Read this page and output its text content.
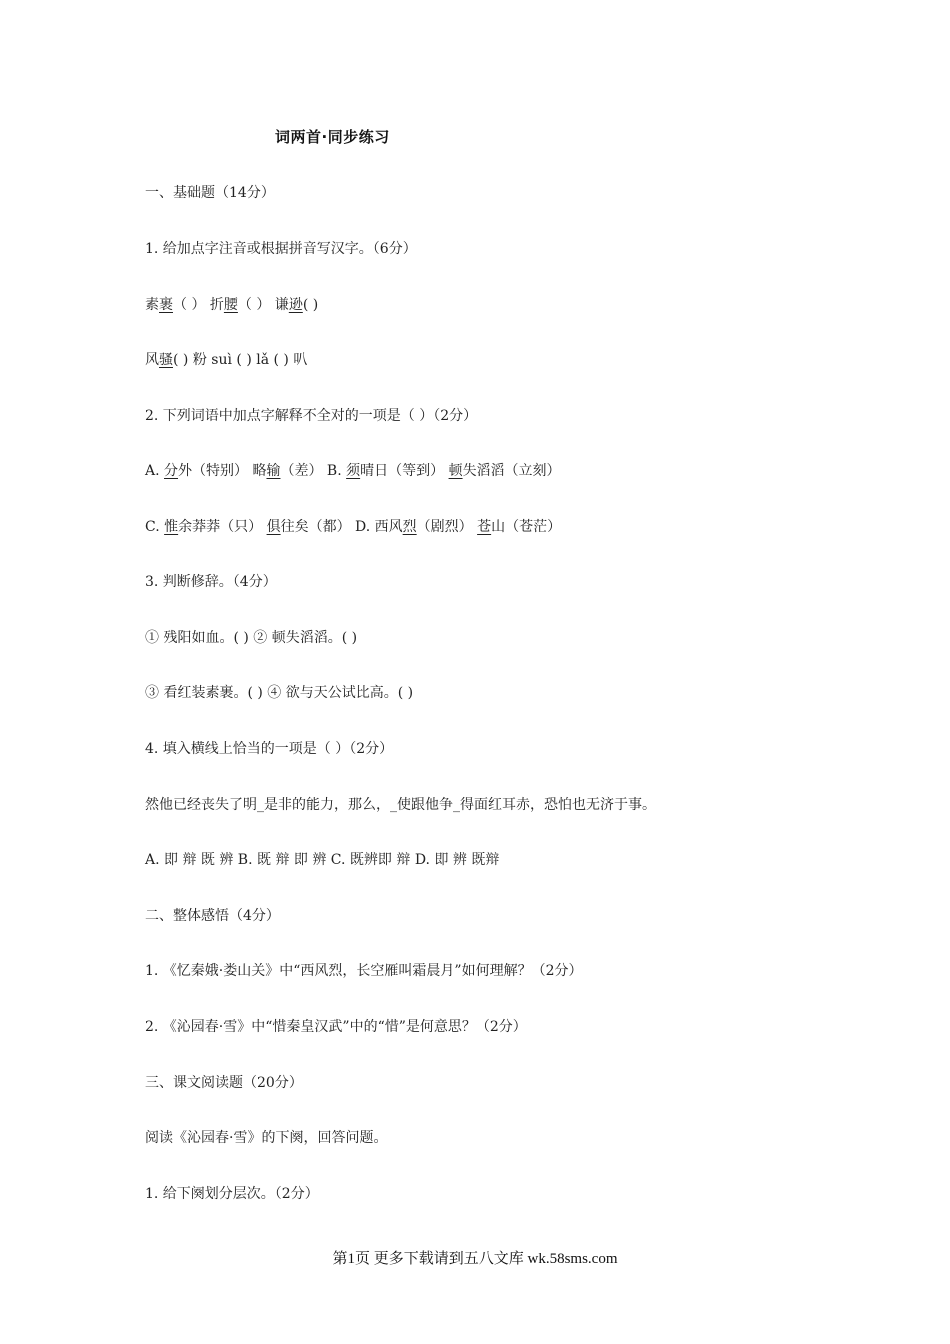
词两首·同步练习
一、基础题（14分）
1. 给加点字注音或根据拼音写汉字。（6分）
素裹（ ） 折腰（ ） 谦逊( )
风骚( ) 粉 suì ( ) lǎ ( ) 叭
2. 下列词语中加点字解释不全对的一项是（ ）（2分）
A. 分外（特别） 略输（差） B. 须晴日（等到） 顿失滔滔（立刻）
C. 惟余莽莽（只） 俱往矣（都） D. 西风烈（剧烈） 苍山（苍茫）
3. 判断修辞。（4分）
① 残阳如血。( ) ② 顿失滔滔。( )
③ 看红装素裹。( ) ④ 欲与天公试比高。( )
4. 填入横线上恰当的一项是（ ）（2分）
然他已经丧失了明_是非的能力，那么，_使跟他争_得面红耳赤，恐怕也无济于事。
A. 即 辩 既 辨 B. 既 辩 即 辨 C. 既辨即 辩 D. 即 辨 既辩
二、整体感悟（4分）
1. 《忆秦娥·娄山关》中“西风烈，长空雁叫霜晨月”如何理解？（2分）
2. 《沁园春·雪》中“惜秦皇汉武”中的“惜”是何意思？（2分）
三、课文阅读题（20分）
阅读《沁园春·雪》的下阕，回答问题。
1. 给下阕划分层次。（2分）
第1页 更多下载请到五八文库 wk.58sms.com
